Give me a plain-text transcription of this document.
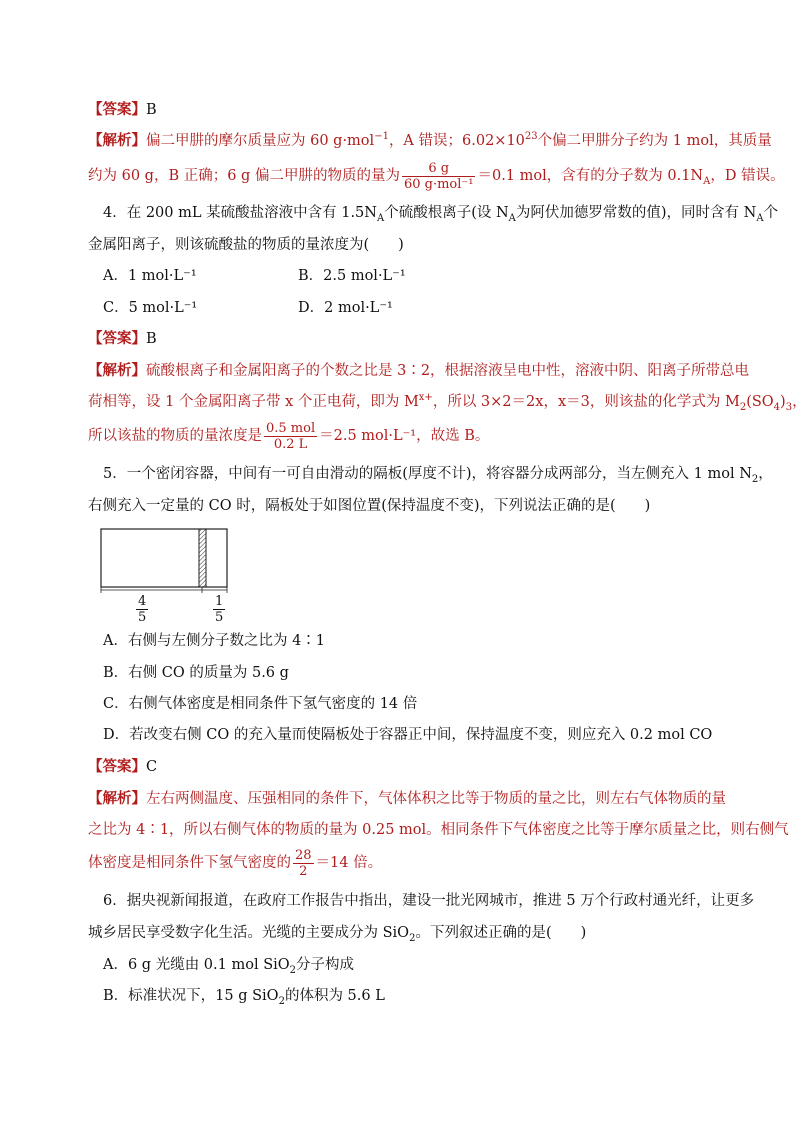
【答案】B
【解析】偏二甲肼的摩尔质量应为 60 g·mol$^{-1}$，A 错误；$6.02\times 10^{23}$个偏二甲肼分子约为 1 mol，其质量
约为 60 g，B 正确；6 g 偏二甲肼的物质的量为 $\frac{6 g}{\text{60 g·mol⁻¹}} =0.1$ mol，含有的分子数为 $0.1N_A$，D 错误。
4．在 200 mL 某硫酸盐溶液中含有 $1.5N_A$个硫酸根离子(设 $N_A$为阿伏加德罗常数的值)，同时含有 $N_A$个
金属阳离子，则该硫酸盐的物质的量浓度为(　　)
A．1 mol·L⁻¹	B．2.5 mol·L⁻¹
C．5 mol·L⁻¹	D．2 mol·L⁻¹
【答案】B
【解析】硫酸根离子和金属阳离子的个数之比是 3∶2，根据溶液呈电中性，溶液中阴、阳离子所带总电
荷相等，设 1 个金属阳离子带 x 个正电荷，即为 $M^{x+}$，所以 3×2＝2x，x＝3，则该盐的化学式为 $M_2(SO_4)_3$，
所以该盐的物质的量浓度是 $\frac{\text{0.5 mol}}{0.2 L} =2.5$ mol·L⁻¹，故选 B。
5．一个密闭容器，中间有一可自由滑动的隔板(厚度不计)，将容器分成两部分，当左侧充入 1 mol $N_2$，
右侧充入一定量的 CO 时，隔板处于如图位置(保持温度不变)，下列说法正确的是(　　)
$\frac{4}{5}$	$\frac{1}{5}$
A．右侧与左侧分子数之比为 4∶1
B．右侧 CO 的质量为 5.6 g
C．右侧气体密度是相同条件下氢气密度的 14 倍
D．若改变右侧 CO 的充入量而使隔板处于容器正中间，保持温度不变，则应充入 0.2 mol CO
【答案】C
【解析】左右两侧温度、压强相同的条件下，气体体积之比等于物质的量之比，则左右气体物质的量
之比为 4∶1，所以右侧气体的物质的量为 0.25 mol。相同条件下气体密度之比等于摩尔质量之比，则右侧气
体密度是相同条件下氢气密度的 $\frac{28}{2} =14$ 倍。
6．据央视新闻报道，在政府工作报告中指出，建设一批光网城市，推进 5 万个行政村通光纤，让更多
城乡居民享受数字化生活。光缆的主要成分为 SiO$_2$。下列叙述正确的是(　　)
A．6 g 光缆由 0.1 mol SiO$_2$分子构成
B．标准状况下，15 g SiO$_2$的体积为 5.6 L
